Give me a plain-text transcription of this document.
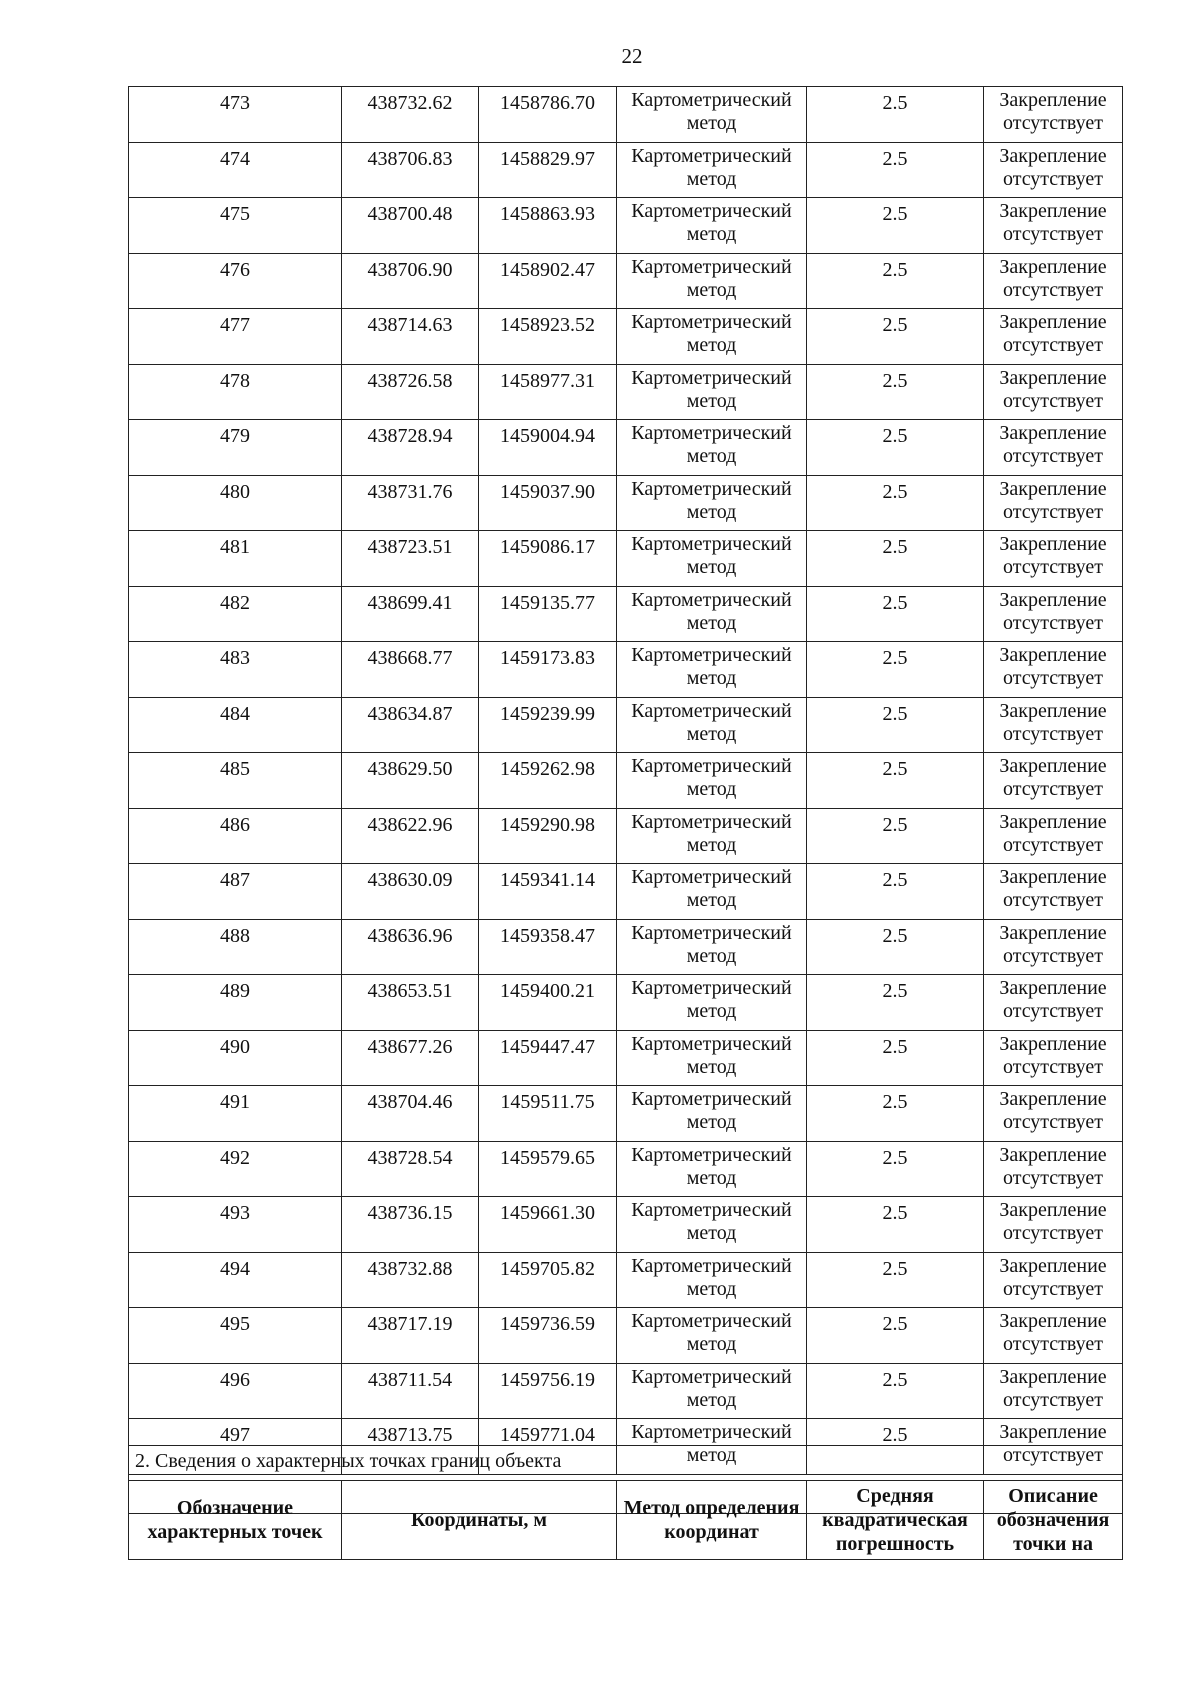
22
473	438732.62	1458786.70	Картометрический метод	2.5	Закрепление отсутствует
474	438706.83	1458829.97	Картометрический метод	2.5	Закрепление отсутствует
475	438700.48	1458863.93	Картометрический метод	2.5	Закрепление отсутствует
476	438706.90	1458902.47	Картометрический метод	2.5	Закрепление отсутствует
477	438714.63	1458923.52	Картометрический метод	2.5	Закрепление отсутствует
478	438726.58	1458977.31	Картометрический метод	2.5	Закрепление отсутствует
479	438728.94	1459004.94	Картометрический метод	2.5	Закрепление отсутствует
480	438731.76	1459037.90	Картометрический метод	2.5	Закрепление отсутствует
481	438723.51	1459086.17	Картометрический метод	2.5	Закрепление отсутствует
482	438699.41	1459135.77	Картометрический метод	2.5	Закрепление отсутствует
483	438668.77	1459173.83	Картометрический метод	2.5	Закрепление отсутствует
484	438634.87	1459239.99	Картометрический метод	2.5	Закрепление отсутствует
485	438629.50	1459262.98	Картометрический метод	2.5	Закрепление отсутствует
486	438622.96	1459290.98	Картометрический метод	2.5	Закрепление отсутствует
487	438630.09	1459341.14	Картометрический метод	2.5	Закрепление отсутствует
488	438636.96	1459358.47	Картометрический метод	2.5	Закрепление отсутствует
489	438653.51	1459400.21	Картометрический метод	2.5	Закрепление отсутствует
490	438677.26	1459447.47	Картометрический метод	2.5	Закрепление отсутствует
491	438704.46	1459511.75	Картометрический метод	2.5	Закрепление отсутствует
492	438728.54	1459579.65	Картометрический метод	2.5	Закрепление отсутствует
493	438736.15	1459661.30	Картометрический метод	2.5	Закрепление отсутствует
494	438732.88	1459705.82	Картометрический метод	2.5	Закрепление отсутствует
495	438717.19	1459736.59	Картометрический метод	2.5	Закрепление отсутствует
496	438711.54	1459756.19	Картометрический метод	2.5	Закрепление отсутствует
497	438713.75	1459771.04	Картометрический метод	2.5	Закрепление отсутствует

2. Сведения о характерных точках границ объекта
Обозначение характерных точек	Координаты, м	Метод определения координат	Средняя квадратическая погрешность	Описание обозначения точки на
